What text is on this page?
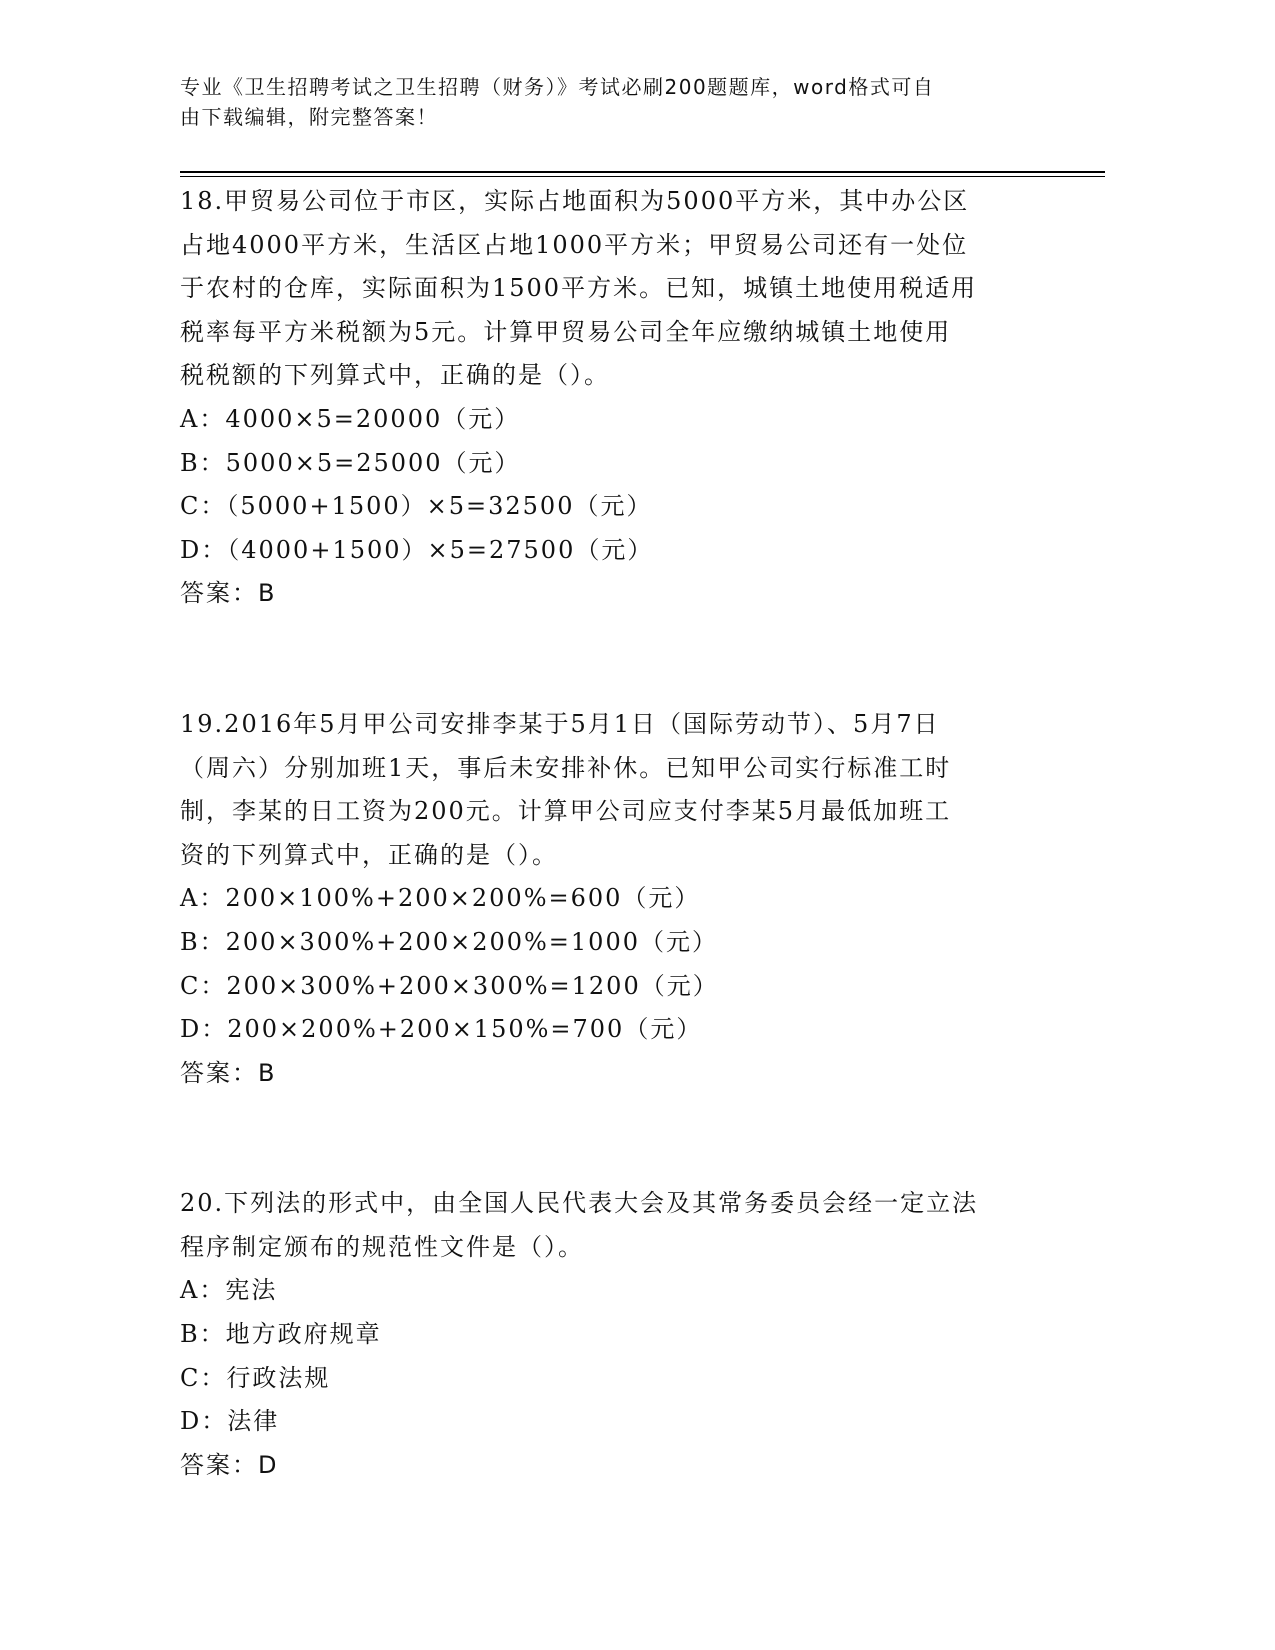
专业《卫生招聘考试之卫生招聘（财务）》考试必刷200题题库，word格式可自
由下载编辑，附完整答案！
18.甲贸易公司位于市区，实际占地面积为5000平方米，其中办公区
占地4000平方米，生活区占地1000平方米；甲贸易公司还有一处位
于农村的仓库，实际面积为1500平方米。已知，城镇土地使用税适用
税率每平方米税额为5元。计算甲贸易公司全年应缴纳城镇土地使用
税税额的下列算式中，正确的是（）。
A：4000×5=20000（元）
B：5000×5=25000（元）
C：（5000+1500）×5=32500（元）
D：（4000+1500）×5=27500（元）
答案：B
19.2016年5月甲公司安排李某于5月1日（国际劳动节）、5月7日
（周六）分别加班1天，事后未安排补休。已知甲公司实行标准工时
制，李某的日工资为200元。计算甲公司应支付李某5月最低加班工
资的下列算式中，正确的是（）。
A：200×100%+200×200%=600（元）
B：200×300%+200×200%=1000（元）
C：200×300%+200×300%=1200（元）
D：200×200%+200×150%=700（元）
答案：B
20.下列法的形式中，由全国人民代表大会及其常务委员会经一定立法
程序制定颁布的规范性文件是（）。
A：宪法
B：地方政府规章
C：行政法规
D：法律
答案：D
